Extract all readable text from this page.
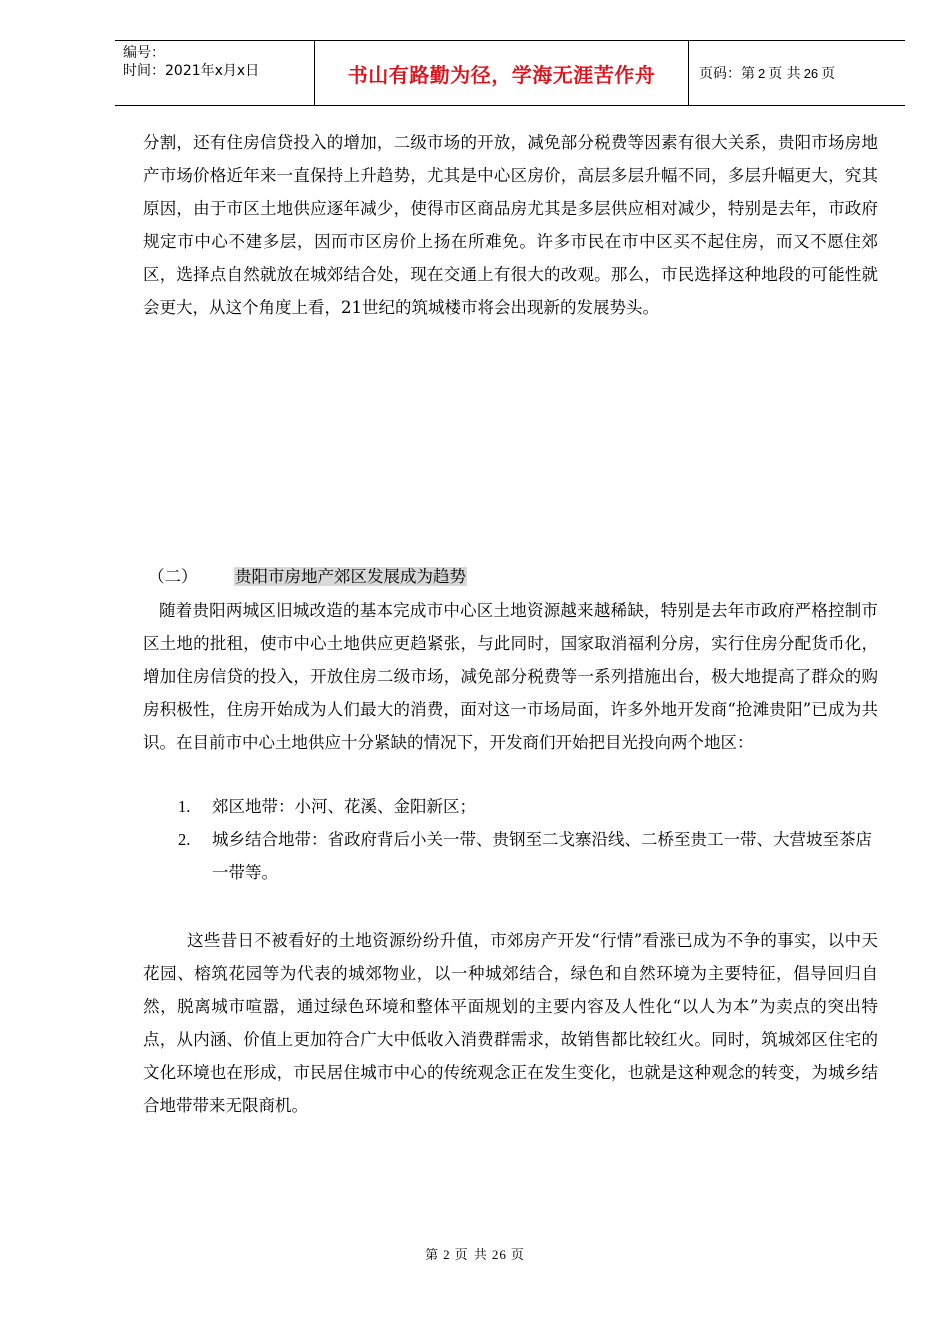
编号：
时间：2021年x月x日	书山有路勤为径，学海无涯苦作舟	页码：第 2 页 共 26 页

分割，还有住房信贷投入的增加，二级市场的开放，减免部分税费等因素有很大关系，贵阳市场房地产市场价格近年来一直保持上升趋势，尤其是中心区房价，高层多层升幅不同，多层升幅更大，究其原因，由于市区土地供应逐年减少，使得市区商品房尤其是多层供应相对减少，特别是去年，市政府规定市中心不建多层，因而市区房价上扬在所难免。许多市民在市中区买不起住房，而又不愿住郊区，选择点自然就放在城郊结合处，现在交通上有很大的改观。那么，市民选择这种地段的可能性就会更大，从这个角度上看，21世纪的筑城楼市将会出现新的发展势头。

（二） 贵阳市房地产郊区发展成为趋势

随着贵阳两城区旧城改造的基本完成市中心区土地资源越来越稀缺，特别是去年市政府严格控制市区土地的批租，使市中心土地供应更趋紧张，与此同时，国家取消福利分房，实行住房分配货币化，增加住房信贷的投入，开放住房二级市场，减免部分税费等一系列措施出台，极大地提高了群众的购房积极性，住房开始成为人们最大的消费，面对这一市场局面，许多外地开发商“抢滩贵阳”已成为共识。在目前市中心土地供应十分紧缺的情况下，开发商们开始把目光投向两个地区：

1.	郊区地带：小河、花溪、金阳新区；
2.	城乡结合地带：省政府背后小关一带、贵钢至二戈寨沿线、二桥至贵工一带、大营坡至茶店一带等。

这些昔日不被看好的土地资源纷纷升值，市郊房产开发“行情”看涨已成为不争的事实，以中天花园、榕筑花园等为代表的城郊物业，以一种城郊结合，绿色和自然环境为主要特征，倡导回归自然，脱离城市喧嚣，通过绿色环境和整体平面规划的主要内容及人性化“以人为本”为卖点的突出特点，从内涵、价值上更加符合广大中低收入消费群需求，故销售都比较红火。同时，筑城郊区住宅的文化环境也在形成，市民居住城市中心的传统观念正在发生变化，也就是这种观念的转变，为城乡结合地带带来无限商机。

第 2 页 共 26 页
